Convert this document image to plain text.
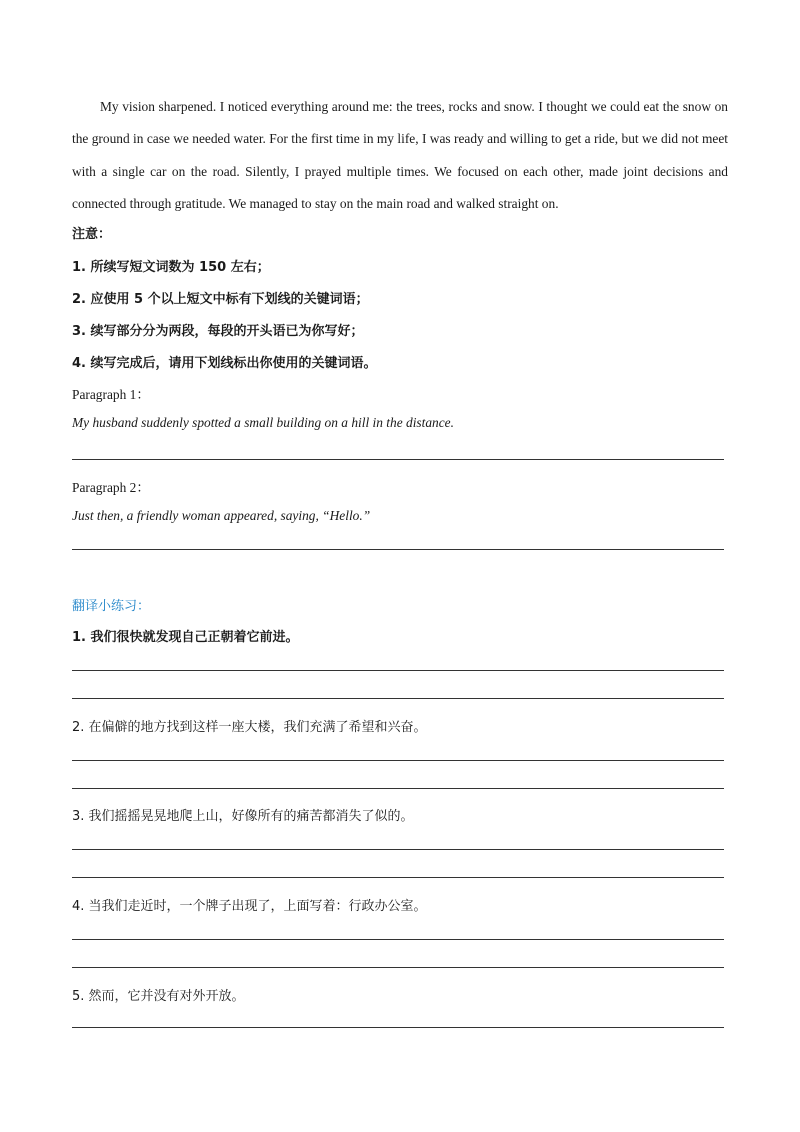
My vision sharpened. I noticed everything around me: the trees, rocks and snow. I thought we could eat the snow on the ground in case we needed water. For the first time in my life, I was ready and willing to get a ride, but we did not meet with a single car on the road. Silently, I prayed multiple times. We focused on each other, made joint decisions and connected through gratitude. We managed to stay on the main road and walked straight on.

注意：
1. 所续写短文词数为 150 左右；
2. 应使用 5 个以上短文中标有下划线的关键词语；
3. 续写部分分为两段，每段的开头语已为你写好；
4. 续写完成后，请用下划线标出你使用的关键词语。
Paragraph 1：
My husband suddenly spotted a small building on a hill in the distance.
Paragraph 2：
Just then, a friendly woman appeared, saying, “Hello.”
翻译小练习：
1. 我们很快就发现自己正朝着它前进。
2. 在偏僻的地方找到这样一座大楼，我们充满了希望和兴奋。
3. 我们摇摇晃晃地爬上山，好像所有的痛苦都消失了似的。
4. 当我们走近时，一个牌子出现了，上面写着：行政办公室。
5. 然而，它并没有对外开放。
